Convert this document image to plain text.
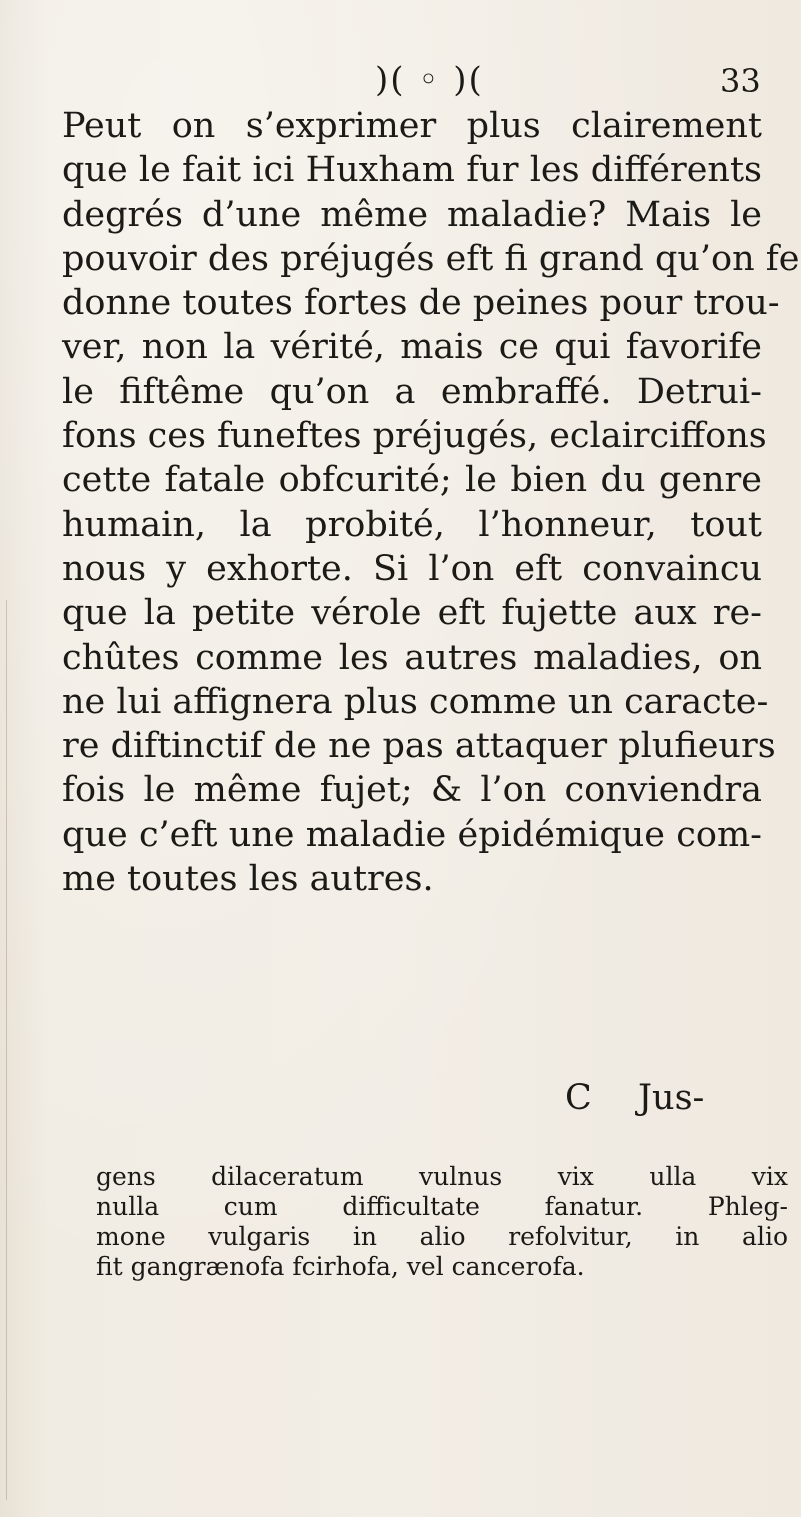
)( ◦ )(	33
Peut on s’exprimer plus clairement
que le fait ici Huxham fur les différents
degrés d’une même maladie? Mais le
pouvoir des préjugés eft fi grand qu’on fe
donne toutes fortes de peines pour trou-
ver, non la vérité, mais ce qui favorife
le fiftême qu’on a embraffé. Detrui-
fons ces funeftes préjugés, eclairciffons
cette fatale obfcurité; le bien du genre
humain, la probité, l’honneur, tout
nous y exhorte. Si l’on eft convaincu
que la petite vérole eft fujette aux re-
chûtes comme les autres maladies, on
ne lui affignera plus comme un caracte-
re diftinctif de ne pas attaquer plufieurs
fois le même fujet; & l’on conviendra
que c’eft une maladie épidémique com-
me toutes les autres.
C Jus-
gens dilaceratum vulnus vix ulla vix
nulla cum difficultate fanatur. Phleg-
mone vulgaris in alio refolvitur, in alio
fit gangrænofa fcirhofa, vel cancerofa.
